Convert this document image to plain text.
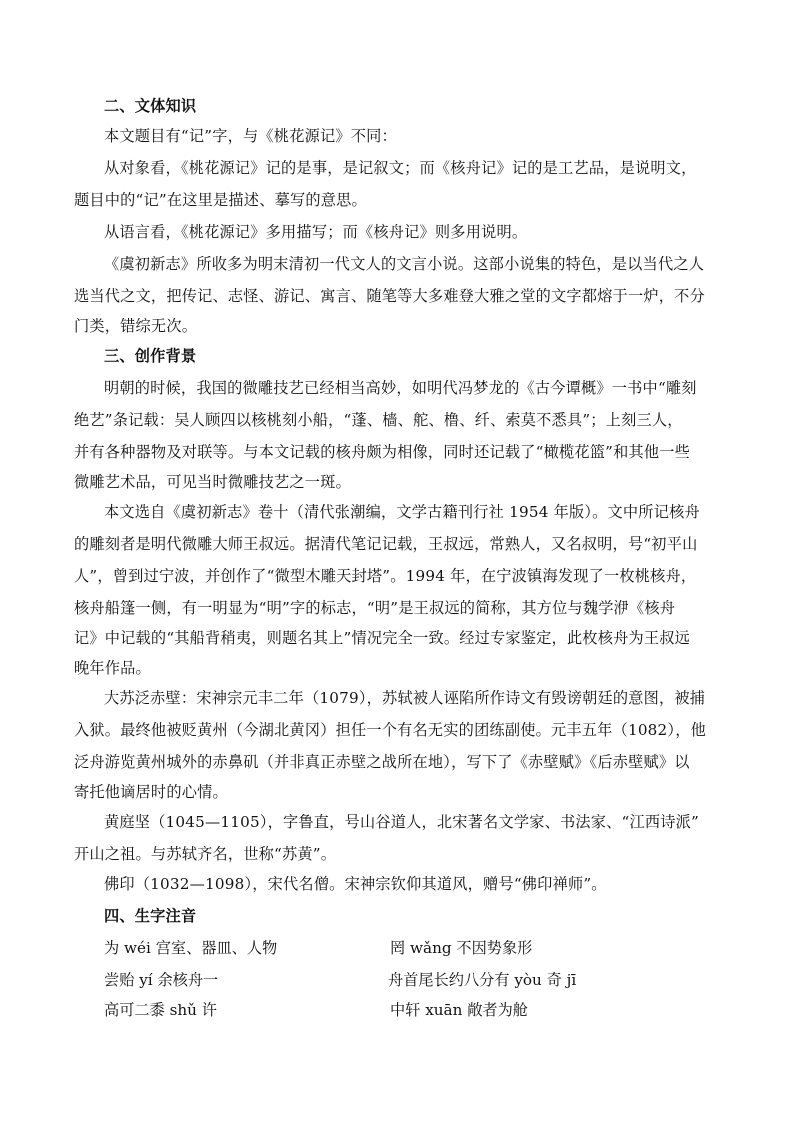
二、文体知识
本文题目有“记”字，与《桃花源记》不同：
从对象看，《桃花源记》记的是事，是记叙文；而《核舟记》记的是工艺品，是说明文，
题目中的“记”在这里是描述、摹写的意思。
从语言看，《桃花源记》多用描写；而《核舟记》则多用说明。
《虞初新志》所收多为明末清初一代文人的文言小说。这部小说集的特色，是以当代之人
选当代之文，把传记、志怪、游记、寓言、随笔等大多难登大雅之堂的文字都熔于一炉，不分
门类，错综无次。
三、创作背景
明朝的时候，我国的微雕技艺已经相当高妙，如明代冯梦龙的《古今谭概》一书中“雕刻
绝艺”条记载：吴人顾四以核桃刻小船，“蓬、樯、舵、橹、纤、索莫不悉具”；上刻三人，
并有各种器物及对联等。与本文记载的核舟颇为相像，同时还记载了“橄榄花篮”和其他一些
微雕艺术品，可见当时微雕技艺之一斑。
本文选自《虞初新志》卷十（清代张潮编，文学古籍刊行社 1954 年版）。文中所记核舟
的雕刻者是明代微雕大师王叔远。据清代笔记记载，王叔远，常熟人，又名叔明，号“初平山
人”，曾到过宁波，并创作了“微型木雕天封塔”。1994 年，在宁波镇海发现了一枚桃核舟，
核舟船篷一侧，有一明显为“明”字的标志，“明”是王叔远的简称，其方位与魏学洢《核舟
记》中记载的“其船背稍夷，则题名其上”情况完全一致。经过专家鉴定，此枚核舟为王叔远
晚年作品。
大苏泛赤壁：宋神宗元丰二年（1079），苏轼被人诬陷所作诗文有毁谤朝廷的意图，被捕
入狱。最终他被贬黄州（今湖北黄冈）担任一个有名无实的团练副使。元丰五年（1082），他
泛舟游览黄州城外的赤鼻矶（并非真正赤壁之战所在地），写下了《赤壁赋》《后赤壁赋》以
寄托他谪居时的心情。
黄庭坚（1045—1105），字鲁直，号山谷道人，北宋著名文学家、书法家、“江西诗派”
开山之祖。与苏轼齐名，世称“苏黄”。
佛印（1032—1098），宋代名僧。宋神宗钦仰其道风，赠号“佛印禅师”。
四、生字注音
为 wéi 宫室、器皿、人物	罔 wǎng 不因势象形
尝贻 yí 余核舟一	舟首尾长约八分有 yòu 奇 jī
高可二黍 shǔ 许	中轩 xuān 敞者为舱
